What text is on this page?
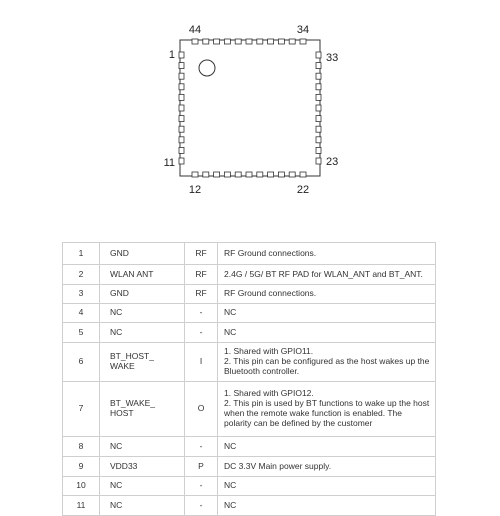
44	34
1
11
33
23
12	22
1	GND	RF	RF Ground connections.

2	WLAN ANT	RF	2.4G / 5G/ BT RF PAD for WLAN_ANT and BT_ANT.

3	GND	RF	RF Ground connections.

4	NC	-	NC

5	NC	-	NC

6	BT_HOST_ WAKE	I	1. Shared with GPIO11.
2. This pin can be configured as the host wakes up the Bluetooth controller.

7	BT_WAKE_ HOST	O	1. Shared with GPIO12.
2. This pin is used by BT functions to wake up the host when the remote wake function is enabled. The polarity can be defined by the customer

8	NC	-	NC

9	VDD33	P	DC 3.3V Main power supply.

10	NC	-	NC

11	NC	-	NC
